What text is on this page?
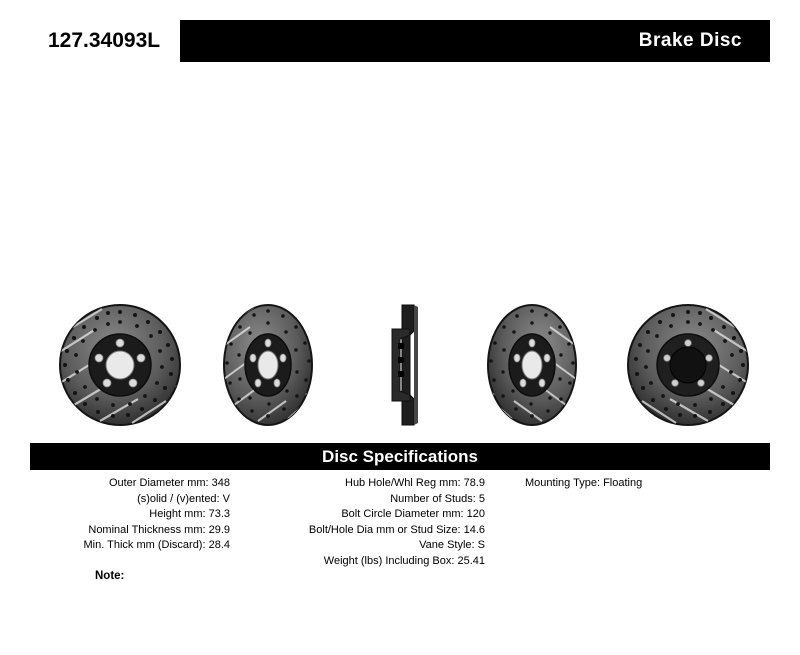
127.34093L	Brake Disc
Disc Specifications
Outer Diameter mm: 348
(s)olid / (v)ented: V
Height mm: 73.3
Nominal Thickness mm: 29.9
Min. Thick mm (Discard): 28.4
Hub Hole/Whl Reg mm: 78.9
Number of Studs: 5
Bolt Circle Diameter mm: 120
Bolt/Hole Dia mm or Stud Size: 14.6
Vane Style: S
Weight (lbs) Including Box: 25.41
Mounting Type: Floating
Note:
